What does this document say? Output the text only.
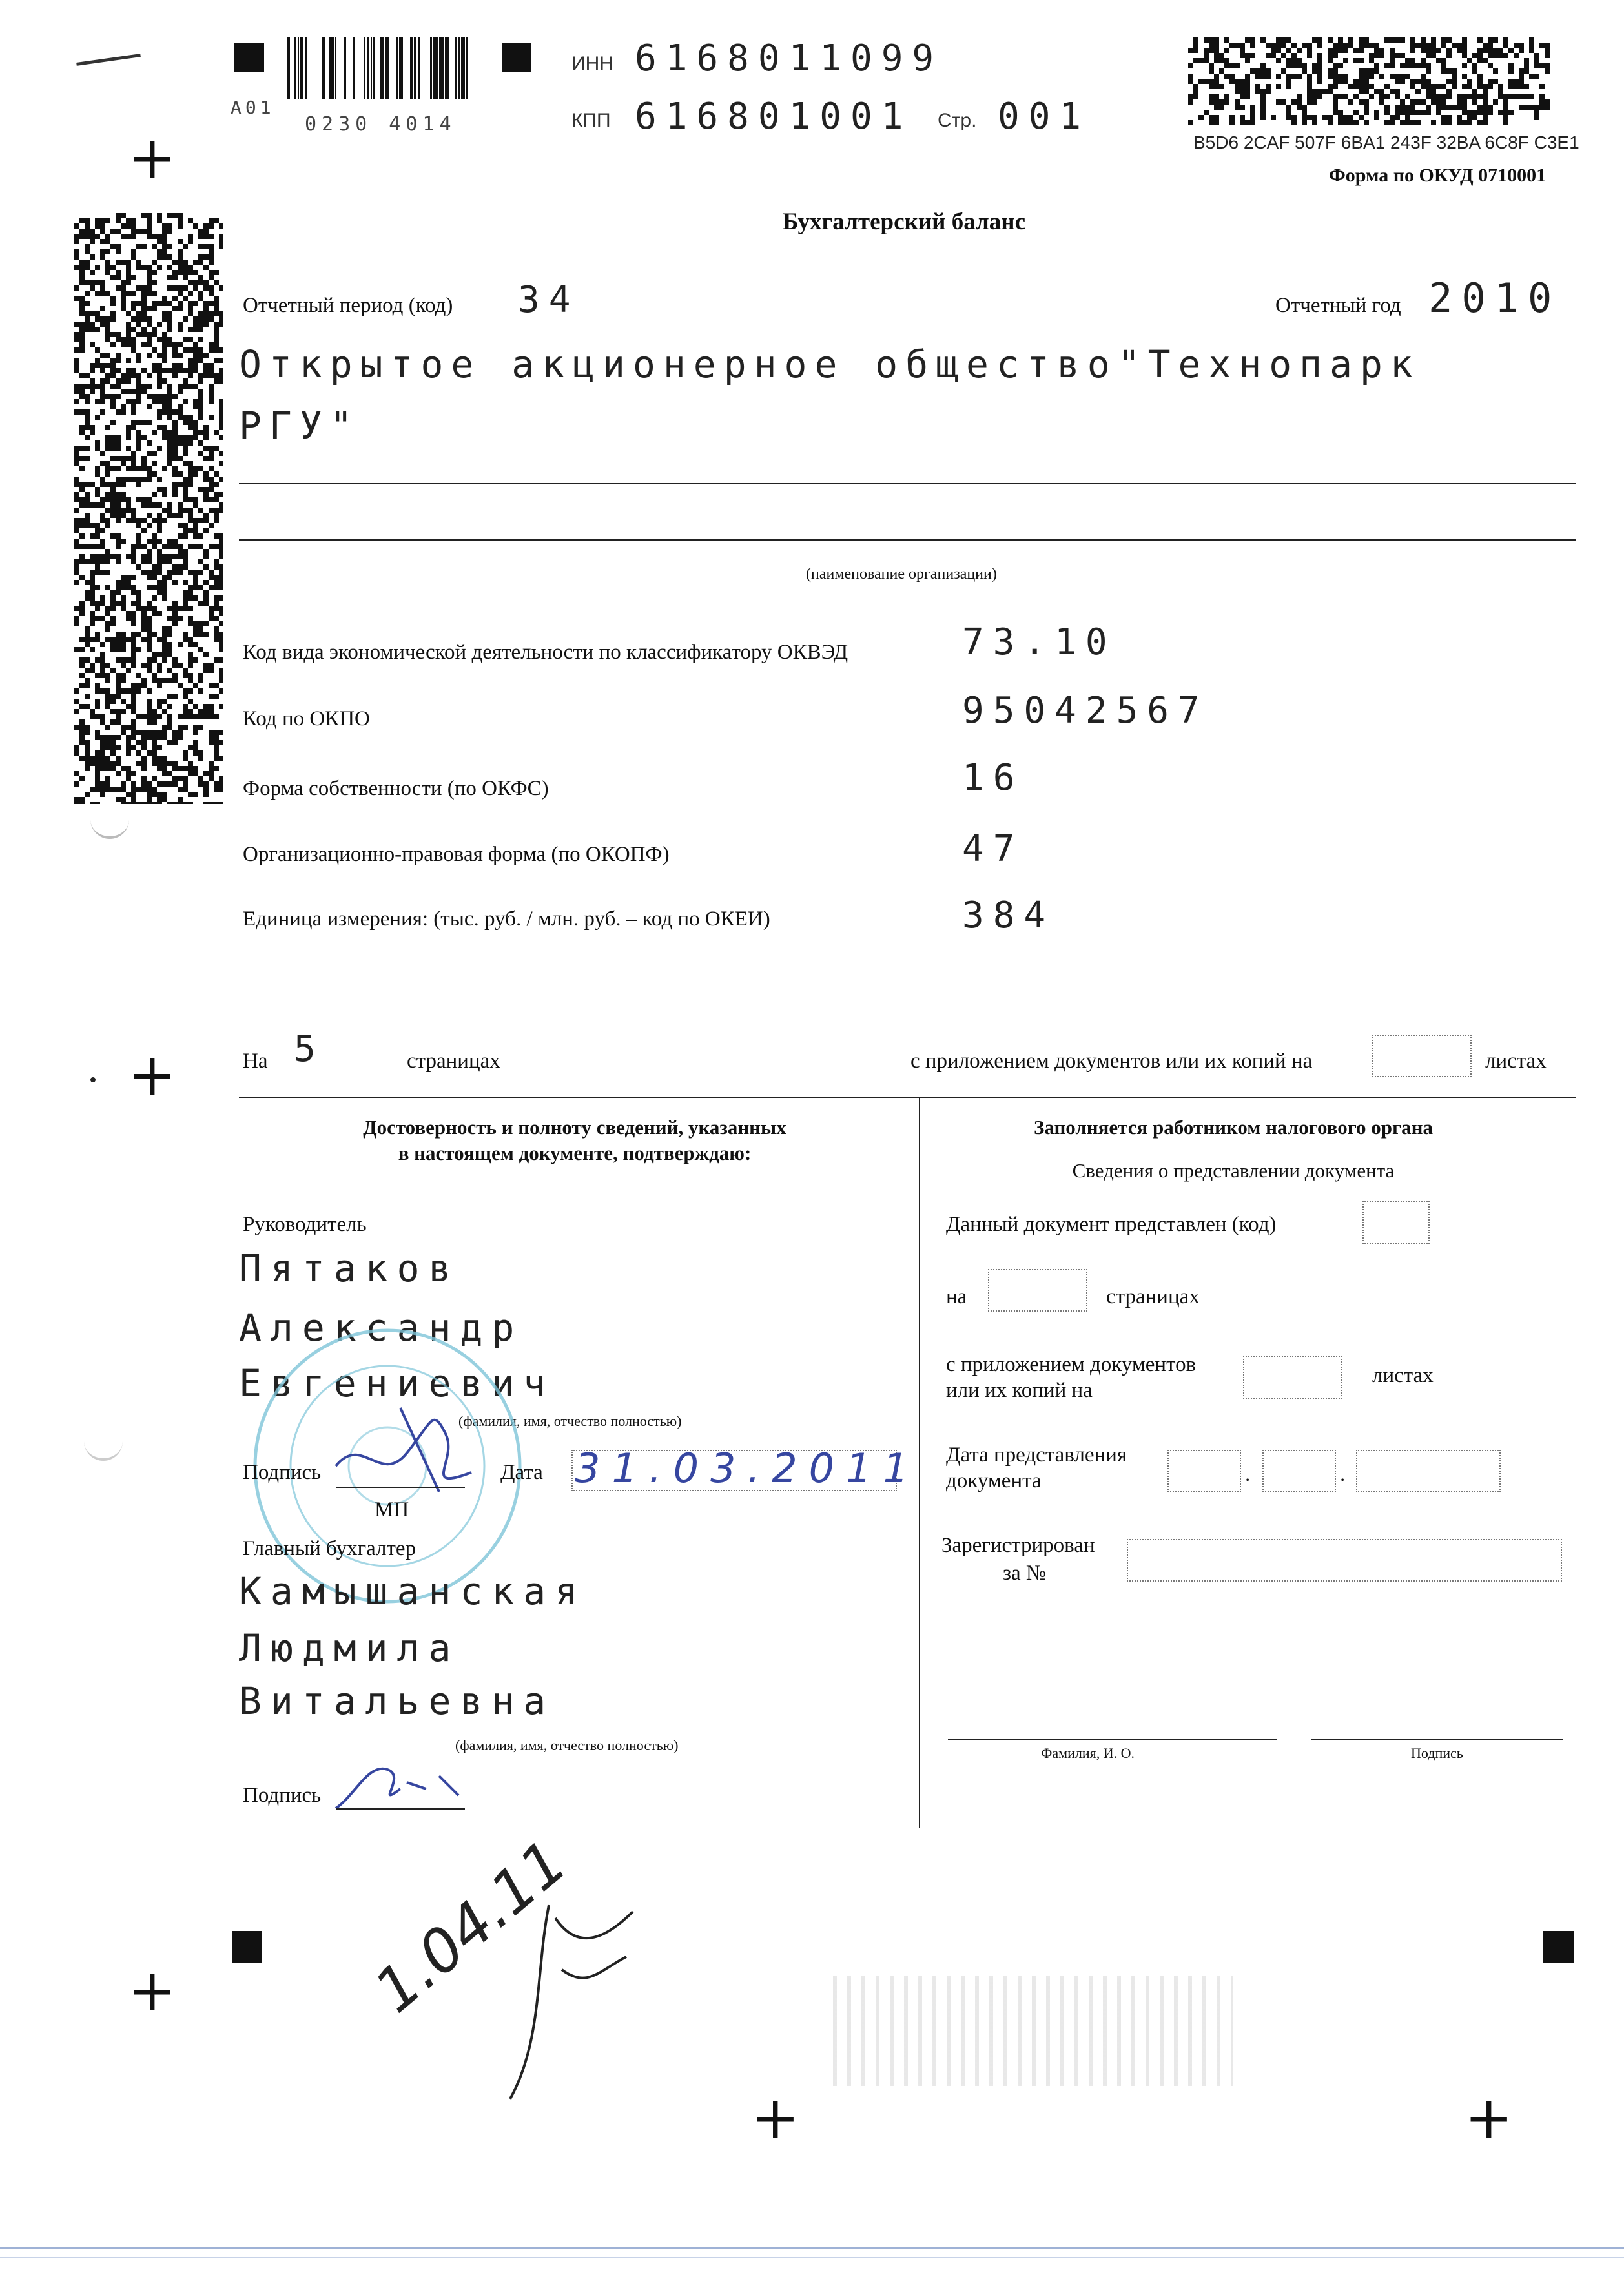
+
+
+
+	+
А01
0230 4014
ИНН 6168011099
КПП 616801001 Стр. 001
B5D6 2CAF 507F 6BA1 243F 32BA 6C8F C3E1
Форма по ОКУД 0710001
Бухгалтерский баланс
Отчетный период (код) 34	Отчетный год 2010
Открытое акционерное общество"Технопарк
РГУ"
(наименование организации)
Код вида экономической деятельности по классификатору ОКВЭД	73.10
Код по ОКПО	95042567
Форма собственности (по ОКФС)	16
Организационно-правовая форма (по ОКОПФ)	47
Единица измерения: (тыс. руб. / млн. руб. – код по ОКЕИ)	384
На 5	страницах	с приложением документов или их копий на	листах
Достоверность и полноту сведений, указанных
в настоящем документе, подтверждаю:
Руководитель
Пятаков
Александр
Евгениевич
(фамилия, имя, отчество полностью)
Подпись	Дата 31.03.2011
МП
Главный бухгалтер
Камышанская
Людмила
Витальевна
(фамилия, имя, отчество полностью)
Подпись
Заполняется работником налогового органа
Сведения о представлении документа
Данный документ представлен (код)
на	страницах
с приложением документов
или их копий на
листах
Дата представления
документа	.	.
Зарегистрирован
за №
Фамилия, И. О.	Подпись
1.04.11
